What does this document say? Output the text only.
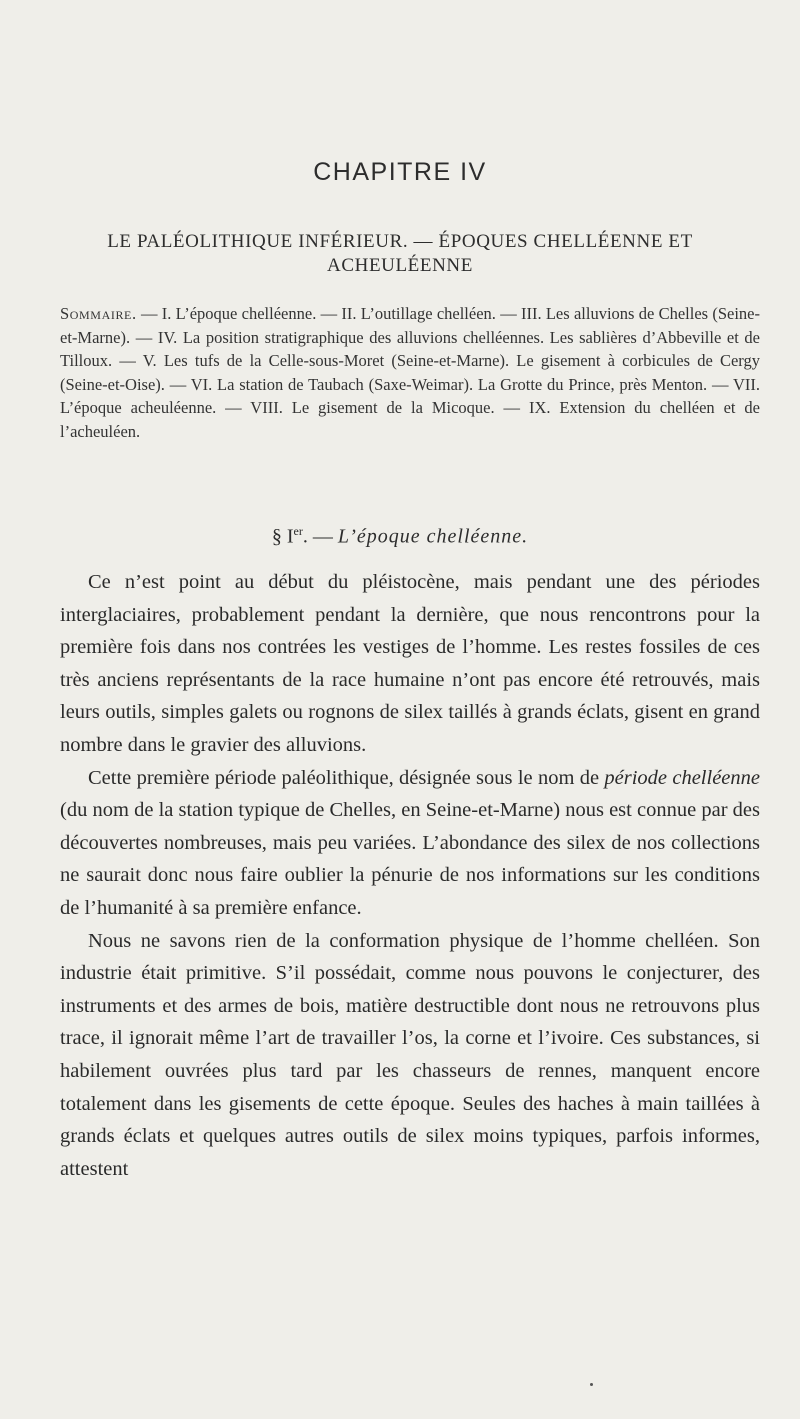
CHAPITRE IV
LE PALÉOLITHIQUE INFÉRIEUR. — ÉPOQUES CHELLÉENNE ET
ACHEULÉENNE
Sommaire. — I. L’époque chelléenne. — II. L’outillage chelléen. — III. Les alluvions de Chelles (Seine-et-Marne). — IV. La position stratigraphique des alluvions chelléennes. Les sablières d’Abbeville et de Tilloux. — V. Les tufs de la Celle-sous-Moret (Seine-et-Marne). Le gisement à corbicules de Cergy (Seine-et-Oise). — VI. La station de Taubach (Saxe-Weimar). La Grotte du Prince, près Menton. — VII. L’époque acheuléenne. — VIII. Le gisement de la Micoque. — IX. Extension du chelléen et de l’acheuléen.
§ Ier. — L’époque chelléenne.

Ce n’est point au début du pléistocène, mais pendant une des périodes interglaciaires, probablement pendant la dernière, que nous rencontrons pour la première fois dans nos contrées les vestiges de l’homme. Les restes fossiles de ces très anciens représentants de la race humaine n’ont pas encore été retrouvés, mais leurs outils, simples galets ou rognons de silex taillés à grands éclats, gisent en grand nombre dans le gravier des alluvions.

Cette première période paléolithique, désignée sous le nom de période chelléenne (du nom de la station typique de Chelles, en Seine-et-Marne) nous est connue par des découvertes nombreuses, mais peu variées. L’abondance des silex de nos collections ne saurait donc nous faire oublier la pénurie de nos informations sur les conditions de l’humanité à sa première enfance.

Nous ne savons rien de la conformation physique de l’homme chelléen. Son industrie était primitive. S’il possédait, comme nous pouvons le conjecturer, des instruments et des armes de bois, matière destructible dont nous ne retrouvons plus trace, il ignorait même l’art de travailler l’os, la corne et l’ivoire. Ces substances, si habilement ouvrées plus tard par les chasseurs de rennes, manquent encore totalement dans les gisements de cette époque. Seules des haches à main taillées à grands éclats et quelques autres outils de silex moins typiques, parfois informes, attestent
